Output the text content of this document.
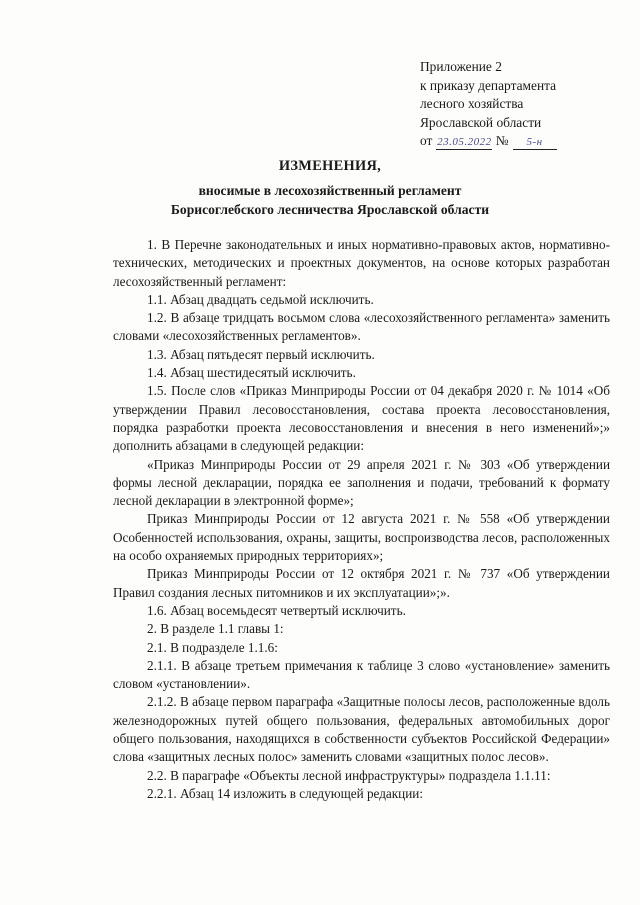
Приложение 2
к приказу департамента
лесного хозяйства
Ярославской области
от 23.05.2022 № 5-н
ИЗМЕНЕНИЯ,
вносимые в лесохозяйственный регламент
Борисоглебского лесничества Ярославской области

1. В Перечне законодательных и иных нормативно-правовых актов, нормативно-технических, методических и проектных документов, на основе которых разработан лесохозяйственный регламент:

1.1. Абзац двадцать седьмой исключить.

1.2. В абзаце тридцать восьмом слова «лесохозяйственного регламента» заменить словами «лесохозяйственных регламентов».

1.3. Абзац пятьдесят первый исключить.

1.4. Абзац шестидесятый исключить.

1.5. После слов «Приказ Минприроды России от 04 декабря 2020 г. № 1014 «Об утверждении Правил лесовосстановления, состава проекта лесовосстановления, порядка разработки проекта лесовосстановления и внесения в него изменений»;» дополнить абзацами в следующей редакции:

«Приказ Минприроды России от 29 апреля 2021 г. № 303 «Об утверждении формы лесной декларации, порядка ее заполнения и подачи, требований к формату лесной декларации в электронной форме»;

Приказ Минприроды России от 12 августа 2021 г. № 558 «Об утверждении Особенностей использования, охраны, защиты, воспроизводства лесов, расположенных на особо охраняемых природных территориях»;

Приказ Минприроды России от 12 октября 2021 г. № 737 «Об утверждении Правил создания лесных питомников и их эксплуатации»;».

1.6. Абзац восемьдесят четвертый исключить.

2. В разделе 1.1 главы 1:

2.1. В подразделе 1.1.6:

2.1.1. В абзаце третьем примечания к таблице 3 слово «установление» заменить словом «установлении».

2.1.2. В абзаце первом параграфа «Защитные полосы лесов, расположенные вдоль железнодорожных путей общего пользования, федеральных автомобильных дорог общего пользования, находящихся в собственности субъектов Российской Федерации» слова «защитных лесных полос» заменить словами «защитных полос лесов».

2.2. В параграфе «Объекты лесной инфраструктуры» подраздела 1.1.11:

2.2.1. Абзац 14 изложить в следующей редакции:
